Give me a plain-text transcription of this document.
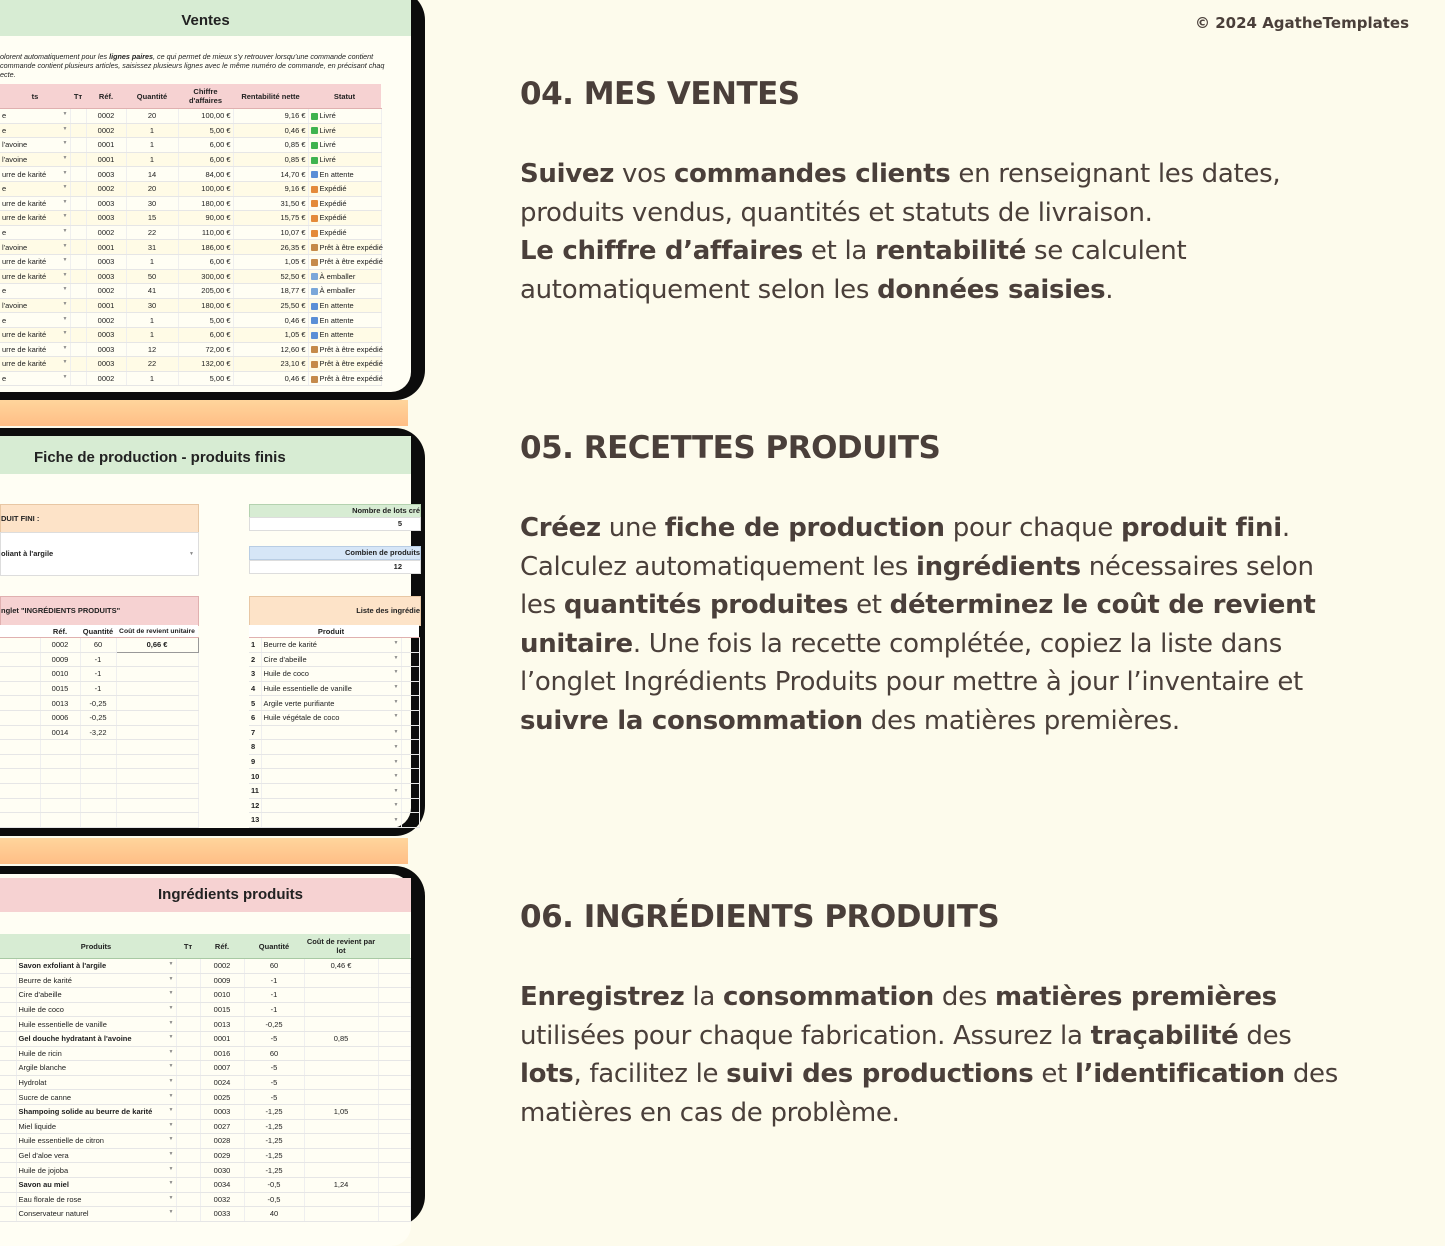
© 2024 AgatheTemplates
Ventes
olorent automatiquement pour les lignes paires, ce qui permet de mieux s’y retrouver lorsqu’une commande contient
commande contient plusieurs articles, saisissez plusieurs lignes avec le même numéro de commande, en précisant chaq
ecte.
ts	Tт	Réf.	Quantité	Chiffre d'affaires	Rentabilité nette	Statut
e ▼		0002	20	100,00 €	9,16 €	Livré
e ▼		0002	1	5,00 €	0,46 €	Livré
l'avoine ▼		0001	1	6,00 €	0,85 €	Livré
l'avoine ▼		0001	1	6,00 €	0,85 €	Livré
urre de karité ▼		0003	14	84,00 €	14,70 €	En attente
e ▼		0002	20	100,00 €	9,16 €	Expédié
urre de karité ▼		0003	30	180,00 €	31,50 €	Expédié
urre de karité ▼		0003	15	90,00 €	15,75 €	Expédié
e ▼		0002	22	110,00 €	10,07 €	Expédié
l'avoine ▼		0001	31	186,00 €	26,35 €	Prêt à être expédié
urre de karité ▼		0003	1	6,00 €	1,05 €	Prêt à être expédié
urre de karité ▼		0003	50	300,00 €	52,50 €	À emballer
e ▼		0002	41	205,00 €	18,77 €	À emballer
l'avoine ▼		0001	30	180,00 €	25,50 €	En attente
e ▼		0002	1	5,00 €	0,46 €	En attente
urre de karité ▼		0003	1	6,00 €	1,05 €	En attente
urre de karité ▼		0003	12	72,00 €	12,60 €	Prêt à être expédié
urre de karité ▼		0003	22	132,00 €	23,10 €	Prêt à être expédié
e ▼		0002	1	5,00 €	0,46 €	Prêt à être expédié
Fiche de production - produits finis
DUIT FINI :
oliant à l'argile	▼
Nombre de lots cré
5
Combien de produits
12
nglet "INGRÉDIENTS PRODUITS"
	Réf.	Quantité	Coût de revient unitaire
	0002	60	0,66 €
	0009	-1	
	0010	-1	
	0015	-1	
	0013	-0,25	
	0006	-0,25	
	0014	-3,22	

Liste des ingrédie
	Produit	
1	Beurre de karité ▼	

2	Cire d'abeille ▼	

3	Huile de coco ▼	

4	Huile essentielle de vanille ▼	

5	Argile verte purifiante ▼	

6	Huile végétale de coco ▼	

7	▼	

8	▼	

9	▼	

10	▼	

11	▼	

12	▼	

13	▼	

Ingrédients produits
	Produits	Tт	Réf.	Quantité	Coût de revient par lot	
	Savon exfoliant à l'argile ▼		0002	60	0,46 €	
	Beurre de karité ▼		0009	-1		
	Cire d'abeille ▼		0010	-1		
	Huile de coco ▼		0015	-1		
	Huile essentielle de vanille ▼		0013	-0,25		
	Gel douche hydratant à l'avoine ▼		0001	-5	0,85	
	Huile de ricin ▼		0016	60		
	Argile blanche ▼		0007	-5		
	Hydrolat ▼		0024	-5		
	Sucre de canne ▼		0025	-5		
	Shampoing solide au beurre de karité ▼		0003	-1,25	1,05	
	Miel liquide ▼		0027	-1,25		
	Huile essentielle de citron ▼		0028	-1,25		
	Gel d'aloe vera ▼		0029	-1,25		
	Huile de jojoba ▼		0030	-1,25		
	Savon au miel ▼		0034	-0,5	1,24	
	Eau florale de rose ▼		0032	-0,5		
	Conservateur naturel ▼		0033	40		
04. MES VENTES

Suivez vos commandes clients en renseignant les dates, produits vendus, quantités et statuts de livraison.
Le chiffre d’affaires et la rentabilité se calculent automatiquement selon les données saisies.

05. RECETTES PRODUITS

Créez une fiche de production pour chaque produit fini. Calculez automatiquement les ingrédients nécessaires selon les quantités produites et déterminez le coût de revient unitaire. Une fois la recette complétée, copiez la liste dans l’onglet Ingrédients Produits pour mettre à jour l’inventaire et suivre la consommation des matières premières.

06. INGRÉDIENTS PRODUITS

Enregistrez la consommation des matières premières utilisées pour chaque fabrication. Assurez la traçabilité des lots, facilitez le suivi des productions et l’identification des matières en cas de problème.
